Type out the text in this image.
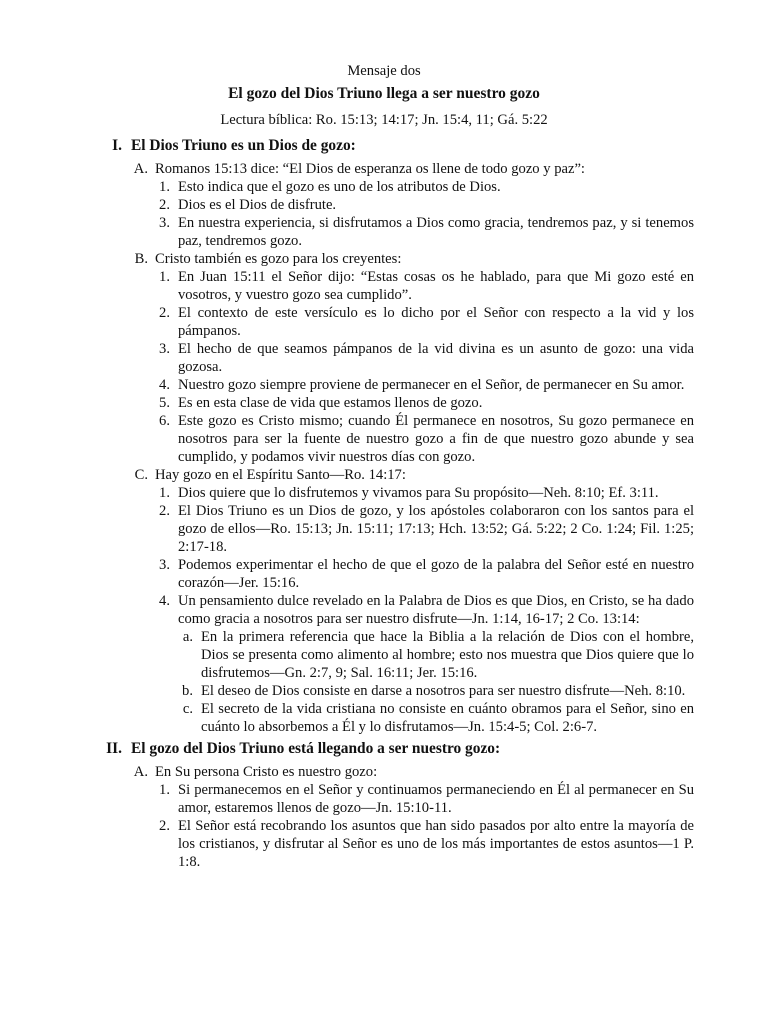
Mensaje dos
El gozo del Dios Triuno llega a ser nuestro gozo
Lectura bíblica: Ro. 15:13; 14:17; Jn. 15:4, 11; Gá. 5:22
I. El Dios Triuno es un Dios de gozo:
A. Romanos 15:13 dice: “El Dios de esperanza os llene de todo gozo y paz”:
1. Esto indica que el gozo es uno de los atributos de Dios.
2. Dios es el Dios de disfrute.
3. En nuestra experiencia, si disfrutamos a Dios como gracia, tendremos paz, y si tenemos paz, tendremos gozo.
B. Cristo también es gozo para los creyentes:
1. En Juan 15:11 el Señor dijo: “Estas cosas os he hablado, para que Mi gozo esté en vosotros, y vuestro gozo sea cumplido”.
2. El contexto de este versículo es lo dicho por el Señor con respecto a la vid y los pámpanos.
3. El hecho de que seamos pámpanos de la vid divina es un asunto de gozo: una vida gozosa.
4. Nuestro gozo siempre proviene de permanecer en el Señor, de permanecer en Su amor.
5. Es en esta clase de vida que estamos llenos de gozo.
6. Este gozo es Cristo mismo; cuando Él permanece en nosotros, Su gozo permanece en nosotros para ser la fuente de nuestro gozo a fin de que nuestro gozo abunde y sea cumplido, y podamos vivir nuestros días con gozo.
C. Hay gozo en el Espíritu Santo—Ro. 14:17:
1. Dios quiere que lo disfrutemos y vivamos para Su propósito—Neh. 8:10; Ef. 3:11.
2. El Dios Triuno es un Dios de gozo, y los apóstoles colaboraron con los santos para el gozo de ellos—Ro. 15:13; Jn. 15:11; 17:13; Hch. 13:52; Gá. 5:22; 2 Co. 1:24; Fil. 1:25; 2:17-18.
3. Podemos experimentar el hecho de que el gozo de la palabra del Señor esté en nuestro corazón—Jer. 15:16.
4. Un pensamiento dulce revelado en la Palabra de Dios es que Dios, en Cristo, se ha dado como gracia a nosotros para ser nuestro disfrute—Jn. 1:14, 16-17; 2 Co. 13:14:
a. En la primera referencia que hace la Biblia a la relación de Dios con el hombre, Dios se presenta como alimento al hombre; esto nos muestra que Dios quiere que lo disfrutemos—Gn. 2:7, 9; Sal. 16:11; Jer. 15:16.
b. El deseo de Dios consiste en darse a nosotros para ser nuestro disfrute—Neh. 8:10.
c. El secreto de la vida cristiana no consiste en cuánto obramos para el Señor, sino en cuánto lo absorbemos a Él y lo disfrutamos—Jn. 15:4-5; Col. 2:6-7.
II. El gozo del Dios Triuno está llegando a ser nuestro gozo:
A. En Su persona Cristo es nuestro gozo:
1. Si permanecemos en el Señor y continuamos permaneciendo en Él al permanecer en Su amor, estaremos llenos de gozo—Jn. 15:10-11.
2. El Señor está recobrando los asuntos que han sido pasados por alto entre la mayoría de los cristianos, y disfrutar al Señor es uno de los más importantes de estos asuntos—1 P. 1:8.
